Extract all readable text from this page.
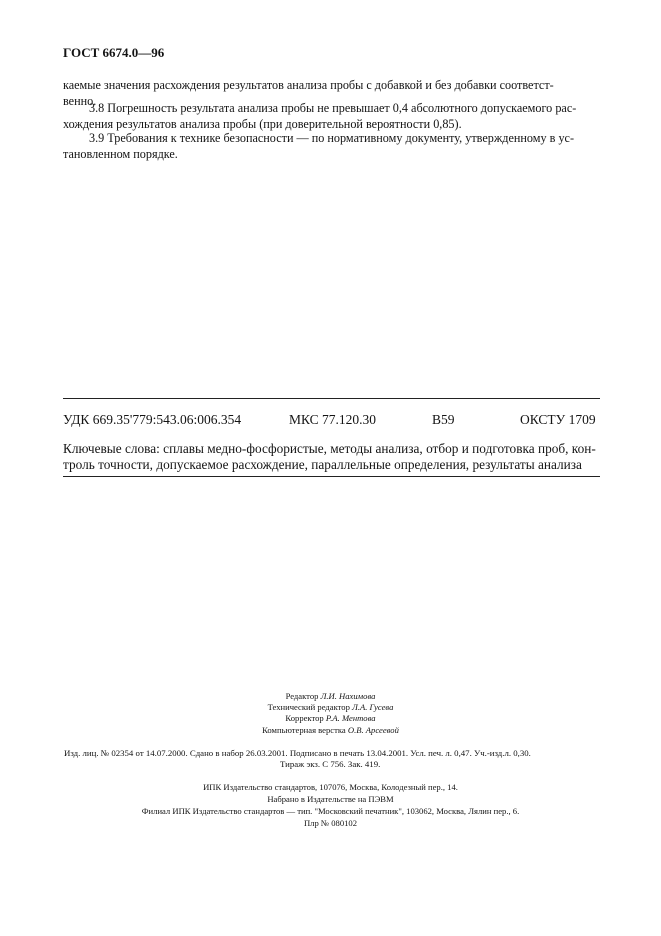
ГОСТ 6674.0—96
каемые значения расхождения результатов анализа пробы с добавкой и без добавки соответст-
венно.
3.8 Погрешность результата анализа пробы не превышает 0,4 абсолютного допускаемого рас-
хождения результатов анализа пробы (при доверительной вероятности 0,85).
3.9 Требования к технике безопасности — по нормативному документу, утвержденному в ус-
тановленном порядке.
УДК 669.35'779:543.06:006.354	МКС 77.120.30	В59	ОКСТУ 1709
Ключевые слова: сплавы медно-фосфористые, методы анализа, отбор и подготовка проб, кон-
троль точности, допускаемое расхождение, параллельные определения, результаты анализа
Редактор Л.И. Нахимова
Технический редактор Л.А. Гусева
Корректор Р.А. Ментова
Компьютерная верстка О.В. Арсеевой
Изд. лиц. № 02354 от 14.07.2000. Сдано в набор 26.03.2001. Подписано в печать 13.04.2001. Усл. печ. л. 0,47. Уч.-изд.л. 0,30.
Тираж экз. С 756. Зак. 419.
ИПК Издательство стандартов, 107076, Москва, Колодезный пер., 14.
Набрано в Издательстве на ПЭВМ
Филиал ИПК Издательство стандартов — тип. "Московский печатник", 103062, Москва, Лялин пер., 6.
Плр № 080102
